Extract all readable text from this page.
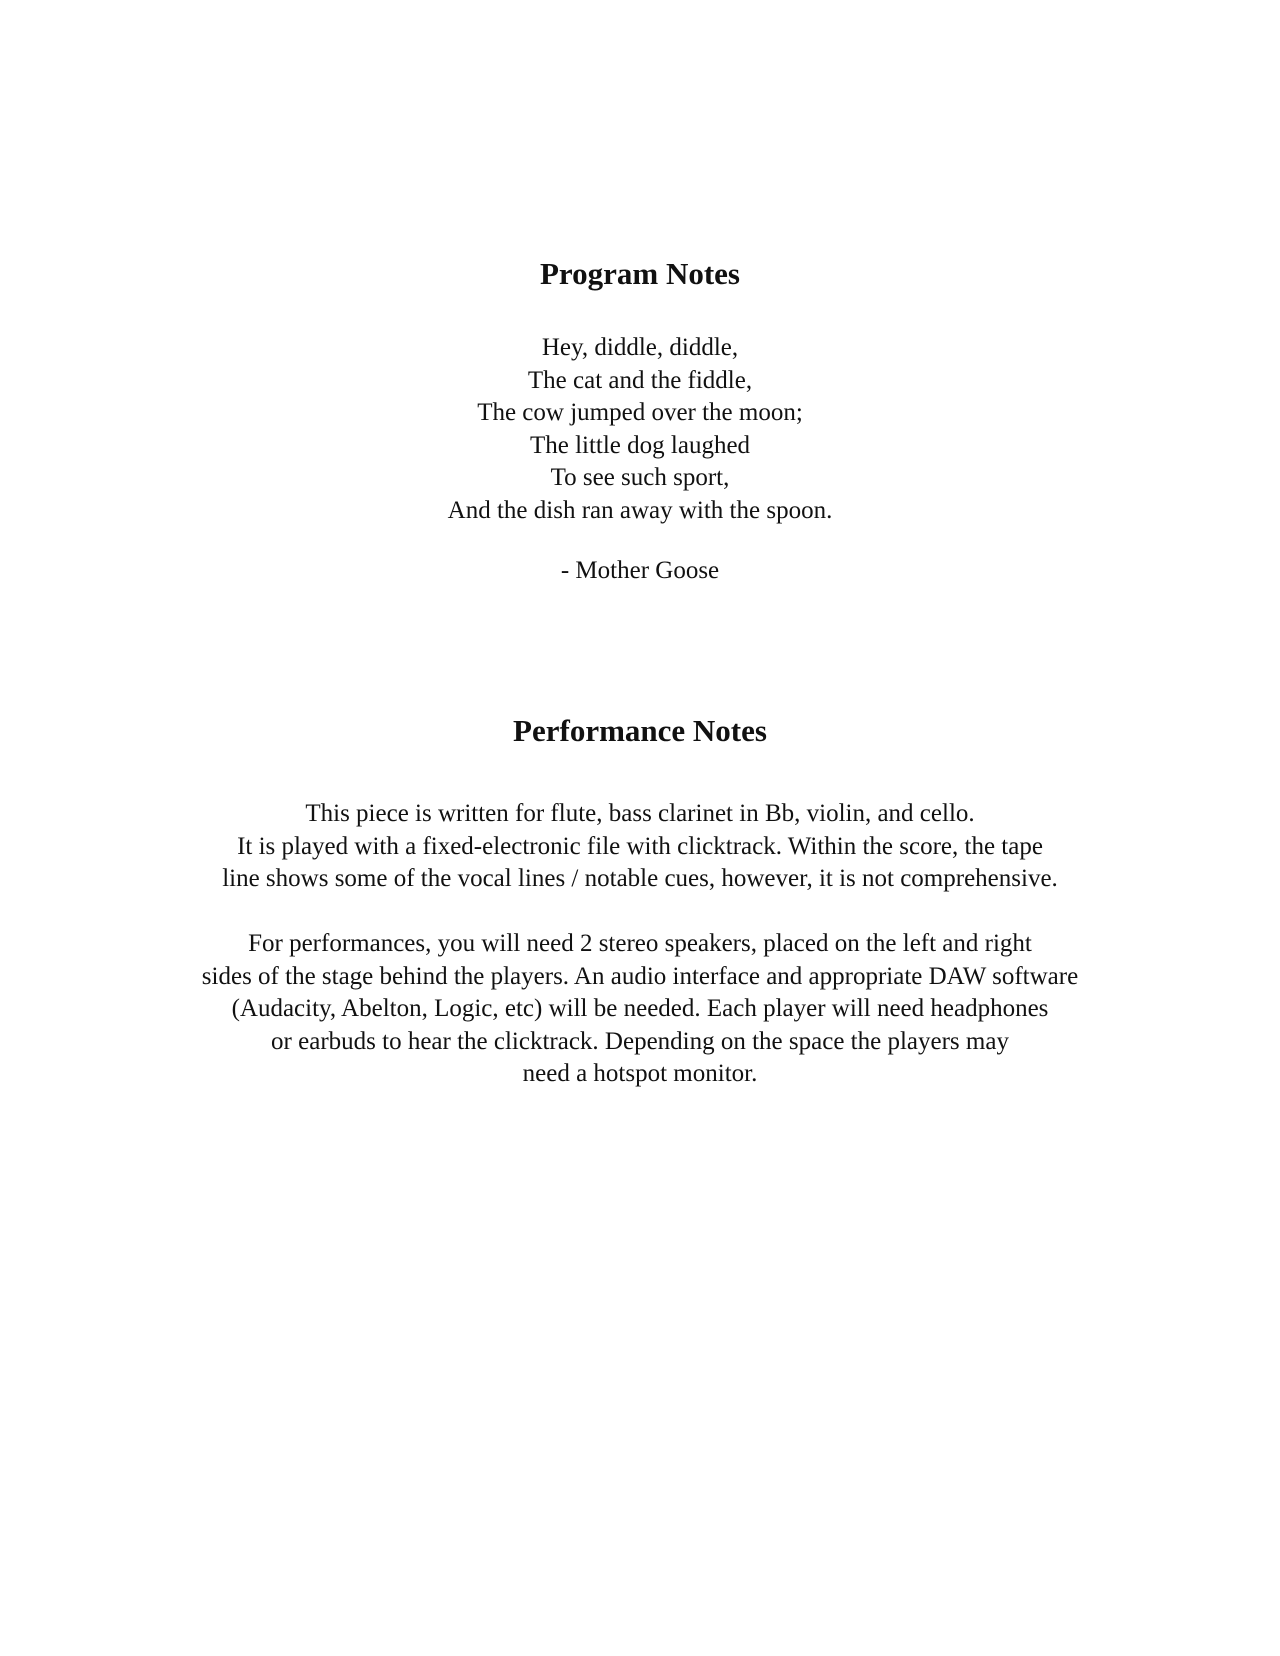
Program Notes
Hey, diddle, diddle,
The cat and the fiddle,
The cow jumped over the moon;
The little dog laughed
To see such sport,
And the dish ran away with the spoon.
- Mother Goose
Performance Notes
This piece is written for flute, bass clarinet in Bb, violin, and cello.
It is played with a fixed-electronic file with clicktrack. Within the score, the tape
line shows some of the vocal lines / notable cues, however, it is not comprehensive.
For performances, you will need 2 stereo speakers, placed on the left and right
sides of the stage behind the players. An audio interface and appropriate DAW software
(Audacity, Abelton, Logic, etc) will be needed. Each player will need headphones
or earbuds to hear the clicktrack. Depending on the space the players may
need a hotspot monitor.
